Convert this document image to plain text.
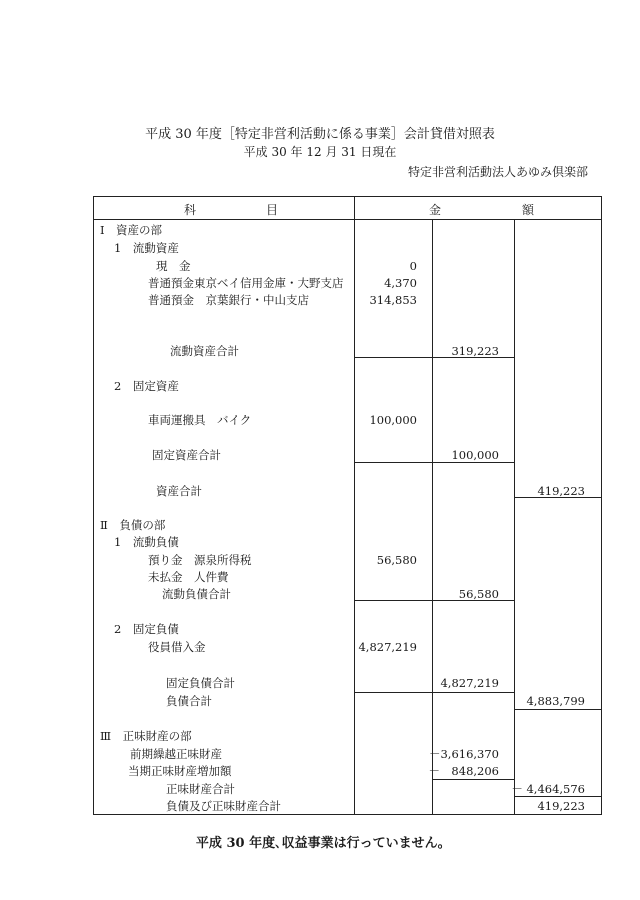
平成 30 年度［特定非営利活動に係る事業］会計貸借対照表
平成 30 年 12 月 31 日現在
特定非営利活動法人あゆみ倶楽部
科	目	金	額
Ⅰ　資産の部
1　流動資産
現　金	0
普通預金東京ベイ信用金庫・大野支店	4,370
普通預金　京葉銀行・中山支店	314,853
流動資産合計	319,223
2　固定資産
車両運搬具　バイク	100,000
固定資産合計	100,000
資産合計	419,223
Ⅱ　負債の部
1　流動負債
預り金　源泉所得税	56,580
未払金　人件費
流動負債合計	56,580
2　固定負債
役員借入金	4,827,219
固定負債合計	4,827,219
負債合計	4,883,799
Ⅲ　正味財産の部
前期繰越正味財産	－3,616,370
当期正味財産増加額	－　848,206
正味財産合計	－ 4,464,576
負債及び正味財産合計	419,223
平成 30 年度､収益事業は行っていません｡
